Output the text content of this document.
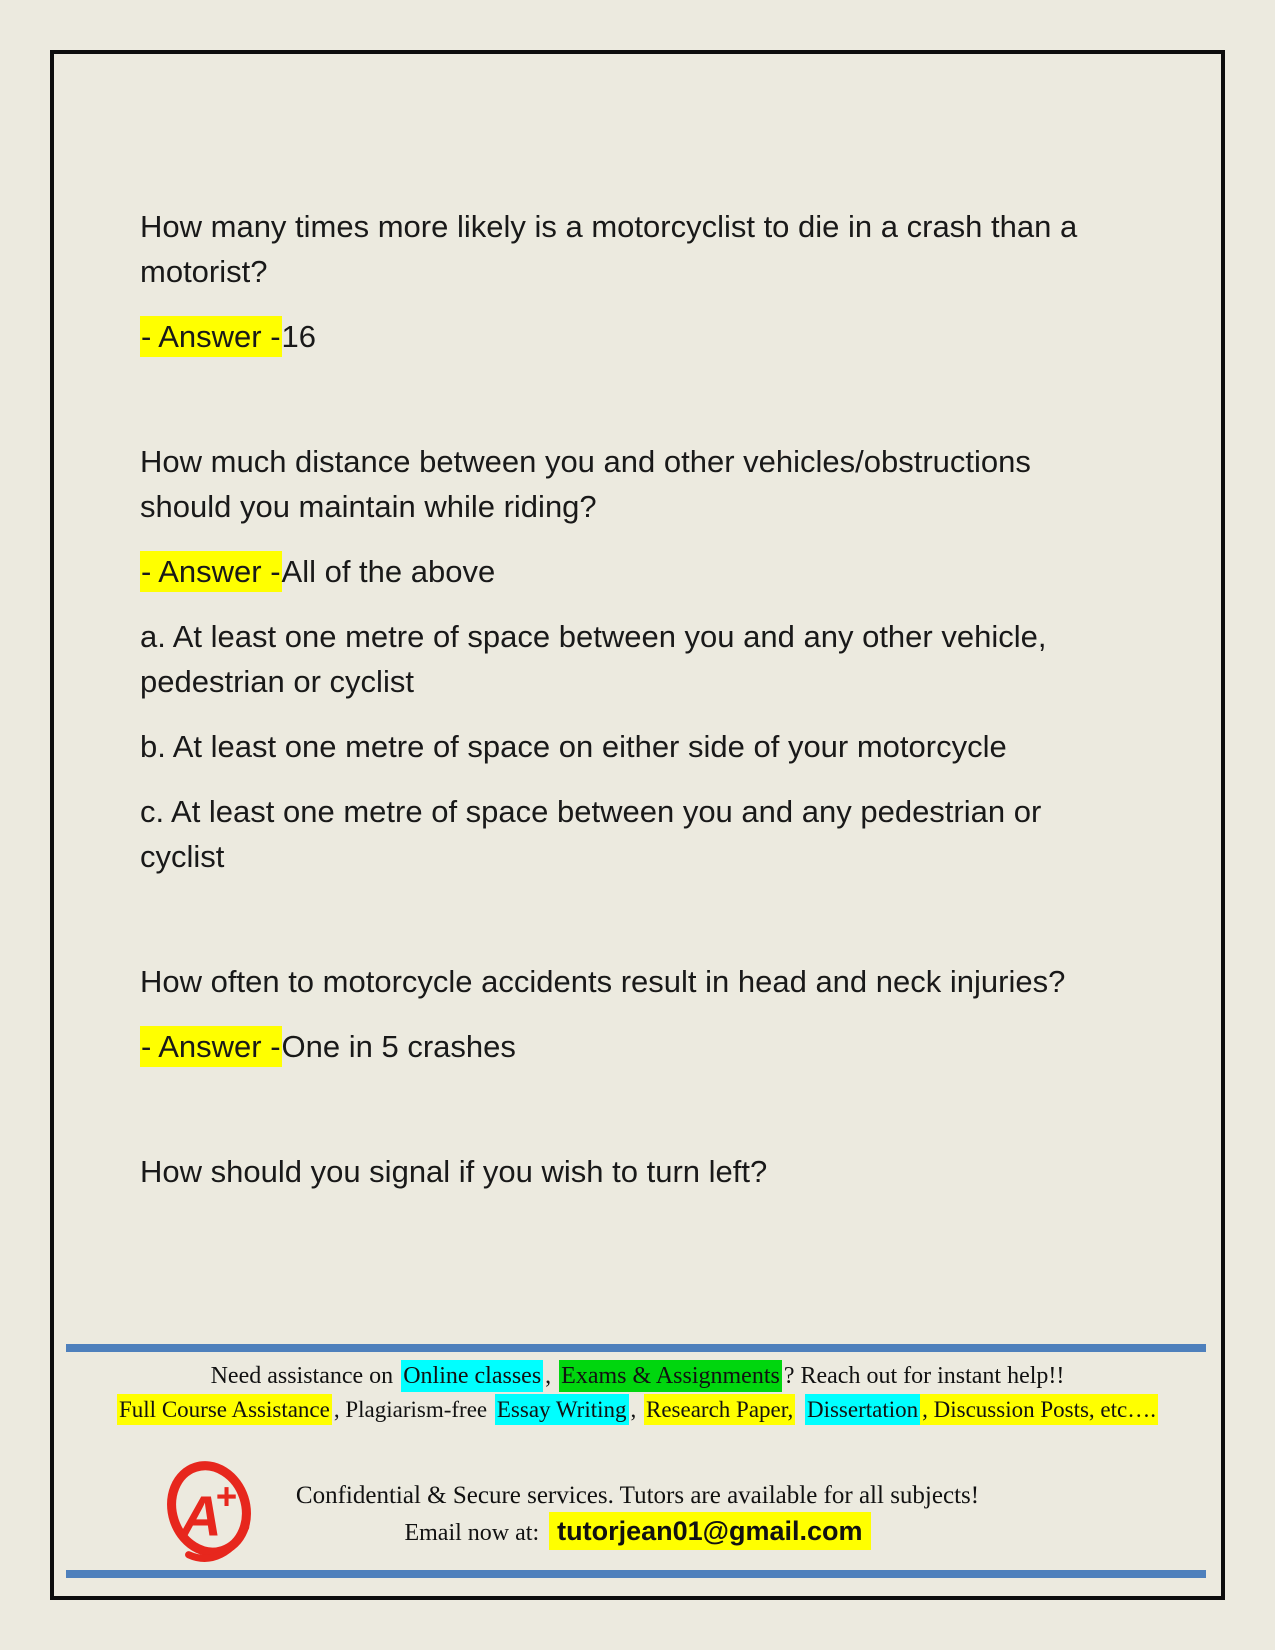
How many times more likely is a motorcyclist to die in a crash than a
motorist?

- Answer -16

How much distance between you and other vehicles/obstructions
should you maintain while riding?

- Answer -All of the above

a. At least one metre of space between you and any other vehicle,
pedestrian or cyclist

b. At least one metre of space on either side of your motorcycle

c. At least one metre of space between you and any pedestrian or
cyclist

How often to motorcycle accidents result in head and neck injuries?

- Answer -One in 5 crashes

How should you signal if you wish to turn left?

Need assistance on Online classes , Exams & Assignments ? Reach out for instant help!!
Full Course Assistance , Plagiarism-free Essay Writing , Research Paper, Dissertation , Discussion Posts, etc….
A
+	Confidential & Secure services. Tutors are available for all subjects!
Email now at: tutorjean01@gmail.com
